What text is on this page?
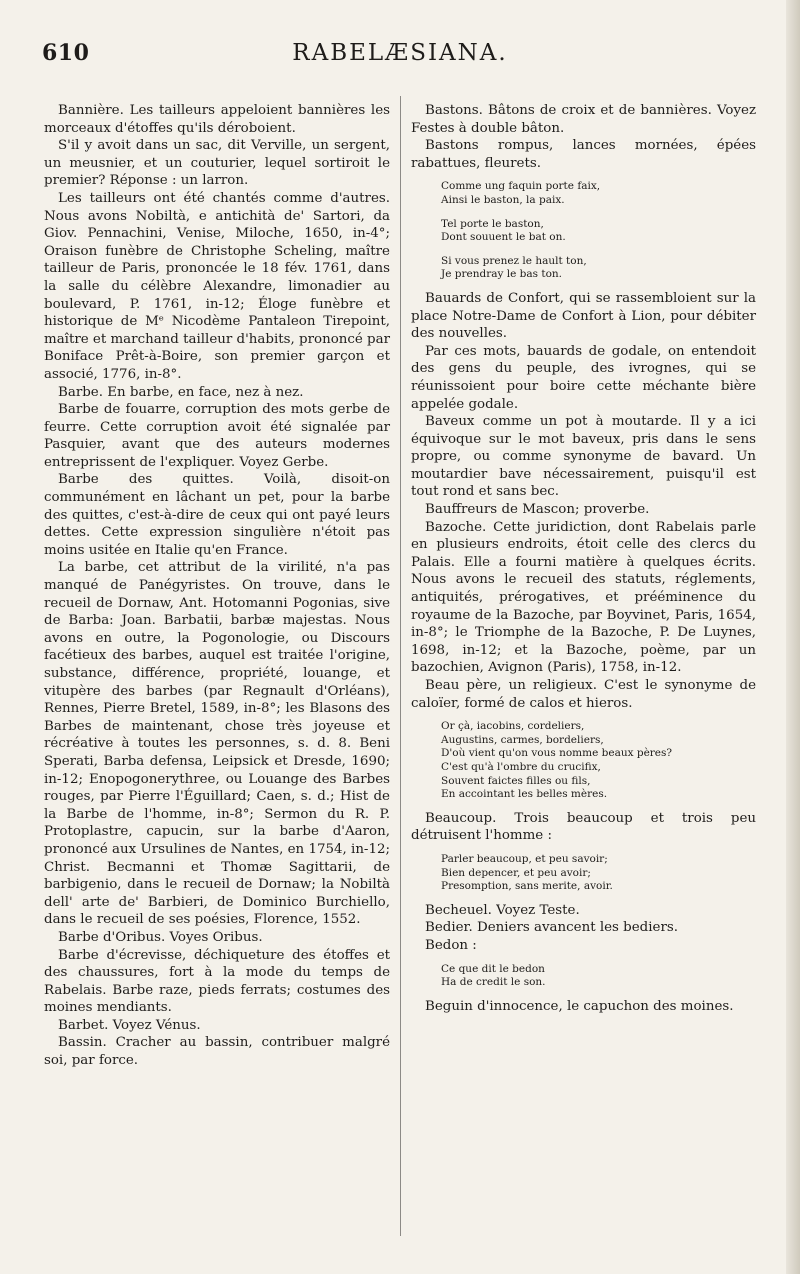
610	RABELÆSIANA.

Bannière. Les tailleurs appeloient bannières les morceaux d'étoffes qu'ils déroboient.

S'il y avoit dans un sac, dit Verville, un sergent, un meusnier, et un couturier, lequel sortiroit le premier? Réponse : un larron.

Les tailleurs ont été chantés comme d'autres. Nous avons Nobiltà, e antichità de' Sartori, da Giov. Pennachini, Venise, Miloche, 1650, in-4°; Oraison funèbre de Christophe Scheling, maître tailleur de Paris, prononcée le 18 fév. 1761, dans la salle du célèbre Alexandre, limonadier au boulevard, P. 1761, in-12; Éloge funèbre et historique de Mᵉ Nicodème Pantaleon Tirepoint, maître et marchand tailleur d'habits, prononcé par Boniface Prêt-à-Boire, son premier garçon et associé, 1776, in-8°.

Barbe. En barbe, en face, nez à nez.

Barbe de fouarre, corruption des mots gerbe de feurre. Cette corruption avoit été signalée par Pasquier, avant que des auteurs modernes entreprissent de l'expliquer. Voyez Gerbe.

Barbe des quittes. Voilà, disoit-on communément en lâchant un pet, pour la barbe des quittes, c'est-à-dire de ceux qui ont payé leurs dettes. Cette expression singulière n'étoit pas moins usitée en Italie qu'en France.

La barbe, cet attribut de la virilité, n'a pas manqué de Panégyristes. On trouve, dans le recueil de Dornaw, Ant. Hotomanni Pogonias, sive de Barba: Joan. Barbatii, barbæ majestas. Nous avons en outre, la Pogonologie, ou Discours facétieux des barbes, auquel est traitée l'origine, substance, différence, propriété, louange, et vitupère des barbes (par Regnault d'Orléans), Rennes, Pierre Bretel, 1589, in-8°; les Blasons des Barbes de maintenant, chose très joyeuse et récréative à toutes les personnes, s. d. 8. Beni Sperati, Barba defensa, Leipsick et Dresde, 1690; in-12; Enopogonerythree, ou Louange des Barbes rouges, par Pierre l'Éguillard; Caen, s. d.; Hist de la Barbe de l'homme, in-8°; Sermon du R. P. Protoplastre, capucin, sur la barbe d'Aaron, prononcé aux Ursulines de Nantes, en 1754, in-12; Christ. Becmanni et Thomæ Sagittarii, de barbigenio, dans le recueil de Dornaw; la Nobiltà dell' arte de' Barbieri, de Dominico Burchiello, dans le recueil de ses poésies, Florence, 1552.

Barbe d'Oribus. Voyes Oribus.

Barbe d'écrevisse, déchiqueture des étoffes et des chaussures, fort à la mode du temps de Rabelais. Barbe raze, pieds ferrats; costumes des moines mendiants.

Barbet. Voyez Vénus.

Bassin. Cracher au bassin, contribuer malgré soi, par force.

Bastons. Bâtons de croix et de bannières. Voyez Festes à double bâton.

Bastons rompus, lances mornées, épées rabattues, fleurets.

Comme ung faquin porte faix,
Ainsi le baston, la paix.
Tel porte le baston,
Dont souuent le bat on.
Si vous prenez le hault ton,
Je prendray le bas ton.

Bauards de Confort, qui se rassembloient sur la place Notre-Dame de Confort à Lion, pour débiter des nouvelles.

Par ces mots, bauards de godale, on entendoit des gens du peuple, des ivrognes, qui se réunissoient pour boire cette méchante bière appelée godale.

Baveux comme un pot à moutarde. Il y a ici équivoque sur le mot baveux, pris dans le sens propre, ou comme synonyme de bavard. Un moutardier bave nécessairement, puisqu'il est tout rond et sans bec.

Bauffreurs de Mascon; proverbe.

Bazoche. Cette juridiction, dont Rabelais parle en plusieurs endroits, étoit celle des clercs du Palais. Elle a fourni matière à quelques écrits. Nous avons le recueil des statuts, réglements, antiquités, prérogatives, et prééminence du royaume de la Bazoche, par Boyvinet, Paris, 1654, in-8°; le Triomphe de la Bazoche, P. De Luynes, 1698, in-12; et la Bazoche, poème, par un bazochien, Avignon (Paris), 1758, in-12.

Beau père, un religieux. C'est le synonyme de caloïer, formé de calos et hieros.

Or çà, iacobins, cordeliers,
Augustins, carmes, bordeliers,
D'où vient qu'on vous nomme beaux pères?
C'est qu'à l'ombre du crucifix,
Souvent faictes filles ou fils,
En accointant les belles mères.

Beaucoup. Trois beaucoup et trois peu détruisent l'homme :

Parler beaucoup, et peu savoir;
Bien depencer, et peu avoir;
Presomption, sans merite, avoir.

Becheuel. Voyez Teste.

Bedier. Deniers avancent les bediers.

Bedon :

Ce que dit le bedon
Ha de credit le son.

Beguin d'innocence, le capuchon des moines.
